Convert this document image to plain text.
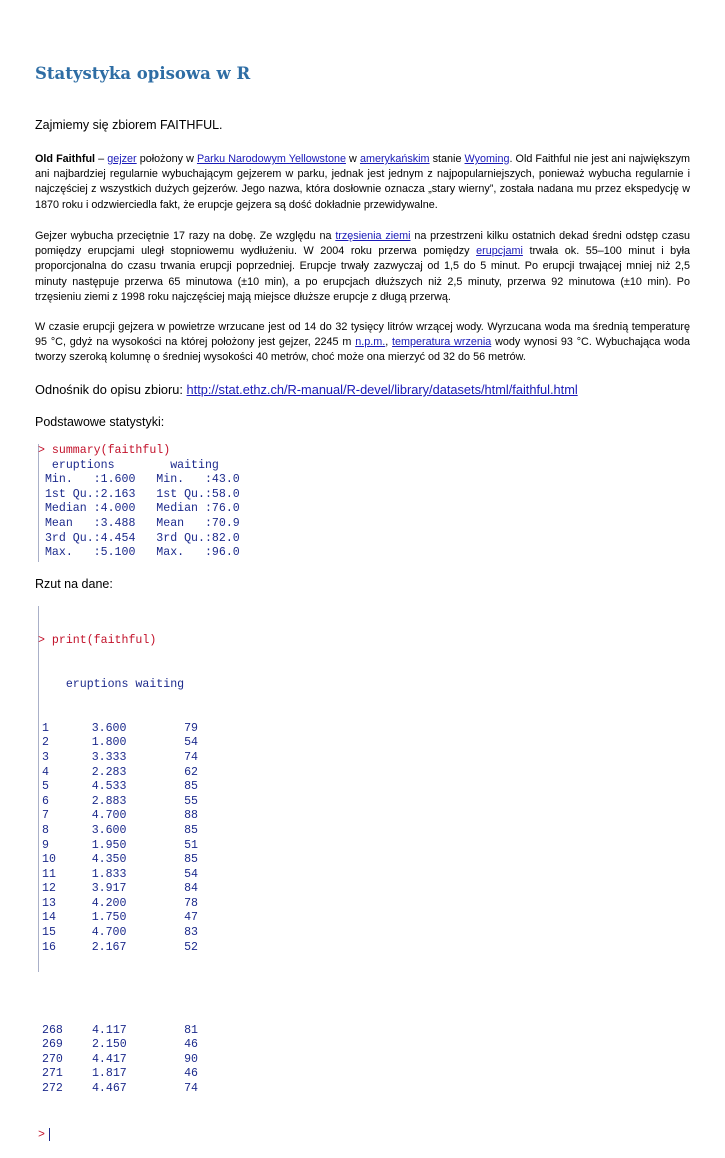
Statystyka opisowa w R
Zajmiemy się zbiorem FAITHFUL.

Old Faithful – gejzer położony w Parku Narodowym Yellowstone w amerykańskim stanie Wyoming. Old Faithful nie jest ani największym ani najbardziej regularnie wybuchającym gejzerem w parku, jednak jest jednym z najpopularniejszych, ponieważ wybucha regularnie i najczęściej z wszystkich dużych gejzerów. Jego nazwa, która dosłownie oznacza „stary wierny”, została nadana mu przez ekspedycję w 1870 roku i odzwierciedla fakt, że erupcje gejzera są dość dokładnie przewidywalne.

Gejzer wybucha przeciętnie 17 razy na dobę. Ze względu na trzęsienia ziemi na przestrzeni kilku ostatnich dekad średni odstęp czasu pomiędzy erupcjami uległ stopniowemu wydłużeniu. W 2004 roku przerwa pomiędzy erupcjami trwała ok. 55–100 minut i była proporcjonalna do czasu trwania erupcji poprzedniej. Erupcje trwały zazwyczaj od 1,5 do 5 minut. Po erupcji trwającej mniej niż 2,5 minuty następuje przerwa 65 minutowa (±10 min), a po erupcjach dłuższych niż 2,5 minuty, przerwa 92 minutowa (±10 min). Po trzęsieniu ziemi z 1998 roku najczęściej mają miejsce dłuższe erupcje z długą przerwą.

W czasie erupcji gejzera w powietrze wrzucane jest od 14 do 32 tysięcy litrów wrzącej wody. Wyrzucana woda ma średnią temperaturę 95 °C, gdyż na wysokości na której położony jest gejzer, 2245 m n.p.m., temperatura wrzenia wody wynosi 93 °C. Wybuchająca woda tworzy szeroką kolumnę o średniej wysokości 40 metrów, choć może ona mierzyć od 32 do 56 metrów.

Odnośnik do opisu zbioru: http://stat.ethz.ch/R-manual/R-devel/library/datasets/html/faithful.html
Podstawowe statystyki:
> summary(faithful)
eruptions        waiting
Min.   :1.600   Min.   :43.0
1st Qu.:2.163   1st Qu.:58.0
Median :4.000   Median :76.0
Mean   :3.488   Mean   :70.9
3rd Qu.:4.454   3rd Qu.:82.0
Max.   :5.100   Max.   :96.0
Rzut na dane:

> print(faithful)

eruptions waiting

1	3.600	79
2	1.800	54
3	3.333	74
4	2.283	62
5	4.533	85
6	2.883	55
7	4.700	88
8	3.600	85
9	1.950	51
10	4.350	85
11	1.833	54
12	3.917	84
13	4.200	78
14	1.750	47
15	4.700	83
16	2.167	52

268	4.117	81
269	2.150	46
270	4.417	90
271	1.817	46
272	4.467	74

>
